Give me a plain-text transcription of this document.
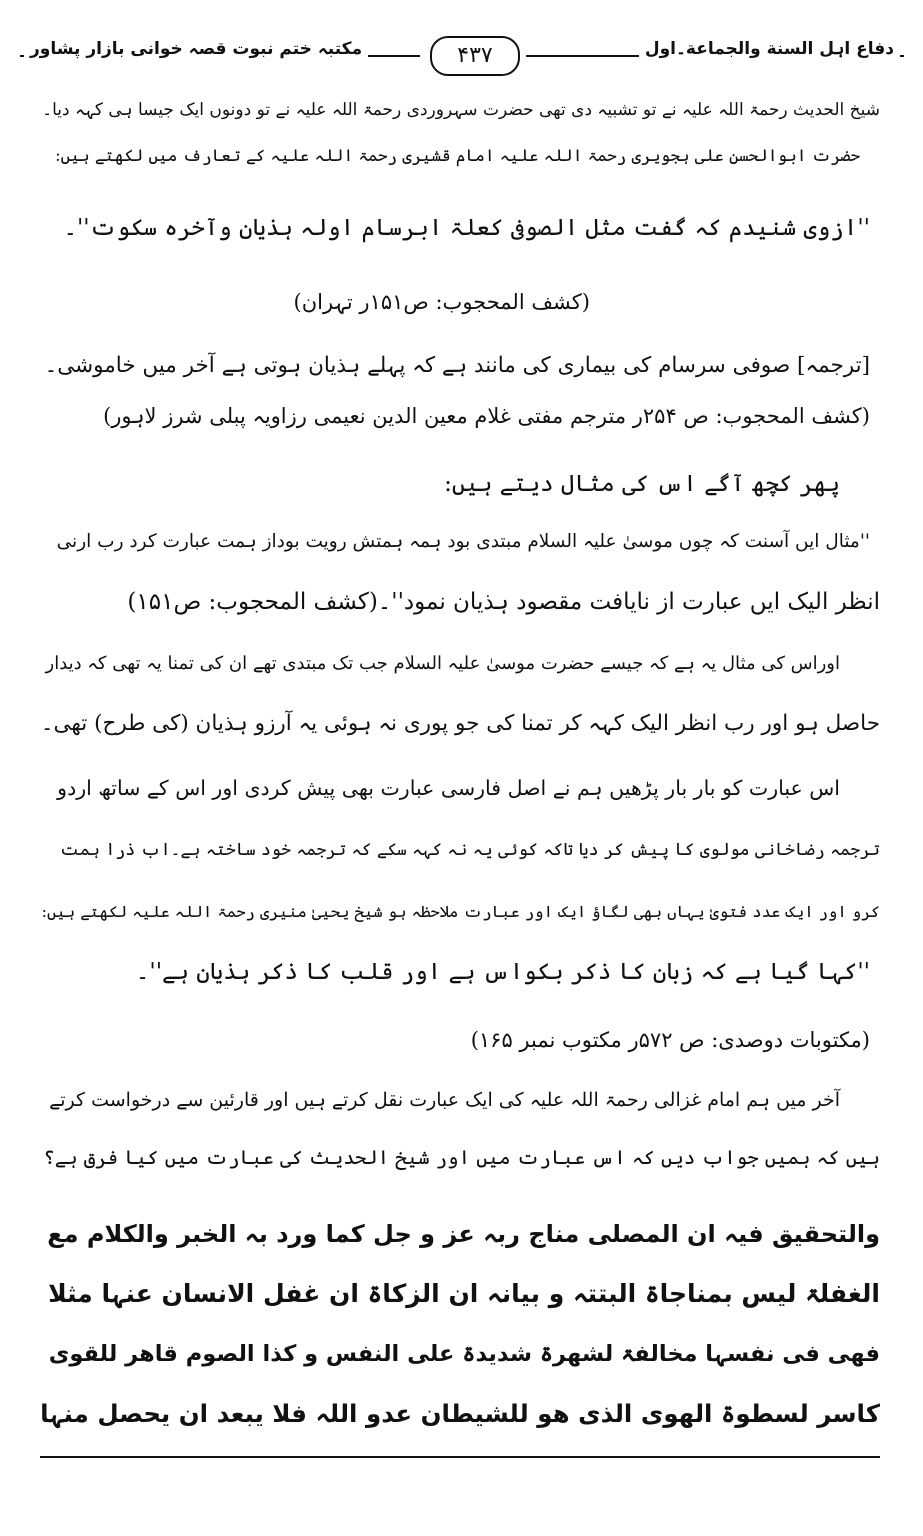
دفاع اہل السنة والجماعة۔اول
مکتبہ ختم نبوت قصہ خوانی بازار پشاور	۴۳۷
شیخ الحدیث رحمۃ اللہ علیہ نے تو تشبیہ دی تھی حضرت سہروردی رحمۃ اللہ علیہ نے تو دونوں ایک جیسا ہی کہہ دیا۔
حضرت ابوالحسن علی ہجویری رحمۃ اللہ علیہ امام قشیری رحمۃ اللہ علیہ کے تعارف میں لکھتے ہیں:
''ازوی شنیدم کہ گفت مثل الصوفی کعلۃ ابرسام اولہ ہذیان وآخرہ سکوت''۔
(کشف المحجوب: ص۱۵۱ر تہران)
[ترجمہ] صوفی سرسام کی بیماری کی مانند ہے کہ پہلے ہذیان ہوتی ہے آخر میں خاموشی۔
(کشف المحجوب: ص ۲۵۴ر مترجم مفتی غلام معین الدین نعیمی رزاویہ پبلی شرز لاہور)
پھر کچھ آگے اس کی مثال دیتے ہیں:
''مثال ایں آسنت کہ چوں موسیٰ علیہ السلام مبتدی بود ہمہ ہمتش رویت بوداز ہمت عبارت کرد رب ارنی
انظر الیک ایں عبارت از نایافت مقصود ہذیان نمود''۔(کشف المحجوب: ص۱۵۱)
اوراس کی مثال یہ ہے کہ جیسے حضرت موسیٰ علیہ السلام جب تک مبتدی تھے ان کی تمنا یہ تھی کہ دیدار
حاصل ہو اور رب انظر الیک کہہ کر تمنا کی جو پوری نہ ہوئی یہ آرزو ہذیان (کی طرح) تھی۔
اس عبارت کو بار بار پڑھیں ہم نے اصل فارسی عبارت بھی پیش کردی اور اس کے ساتھ اردو
ترجمہ رضاخانی مولوی کا پیش کر دیا تاکہ کوئی یہ نہ کہہ سکے کہ ترجمہ خود ساختہ ہے۔اب ذرا ہمت
کرو اور ایک عدد فتویٰ یہاں بھی لگاؤ ایک اور عبارت ملاحظہ ہو شیخ یحییٰ منیری رحمۃ اللہ علیہ لکھتے ہیں:
''کہا گیا ہے کہ زبان کا ذکر بکواس ہے اور قلب کا ذکر ہذیان ہے''۔
(مکتوبات دوصدی: ص ۵۷۲ر مکتوب نمبر ۱۶۵)
آخر میں ہم امام غزالی رحمۃ اللہ علیہ کی ایک عبارت نقل کرتے ہیں اور قارئین سے درخواست کرتے
ہیں کہ ہمیں جواب دیں کہ اس عبارت میں اور شیخ الحدیث کی عبارت میں کیا فرق ہے؟
والتحقیق فیہ ان المصلی مناج ربہ عز و جل کما ورد بہ الخبر والکلام مع
الغفلۃ لیس بمناجاۃ البتتہ و بیانہ ان الزکاۃ ان غفل الانسان عنہا مثلا
فھی فی نفسہا مخالفۃ لشھرۃ شدیدۃ علی النفس و کذا الصوم قاھر للقوی
کاسر لسطوۃ الھوی الذی ھو للشیطان عدو اللہ فلا یبعد ان یحصل منہا
